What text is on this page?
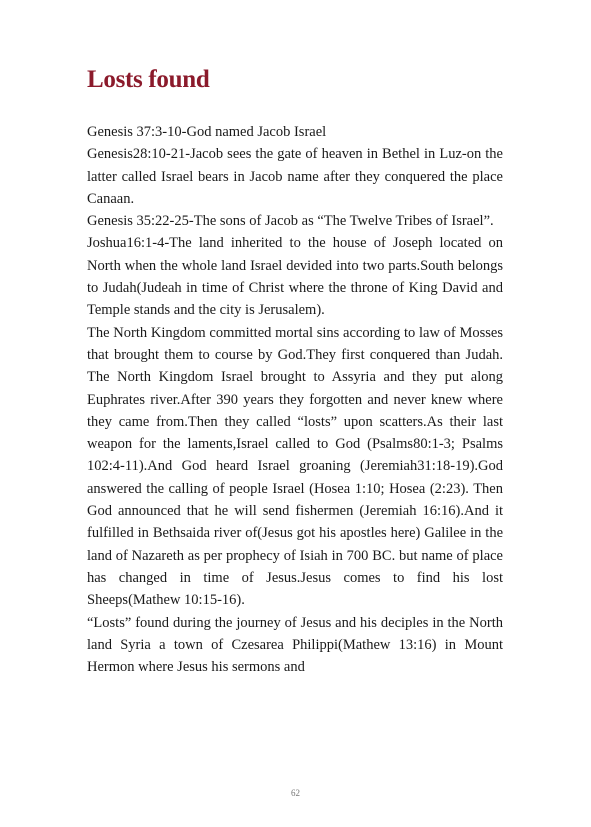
Losts found

Genesis 37:3-10-God named Jacob Israel

Genesis28:10-21-Jacob sees the gate of heaven in Bethel in Luz-on the latter called Israel bears in Jacob name after they conquered the place Canaan.

Genesis 35:22-25-The sons of Jacob as “The Twelve Tribes of Israel”.

Joshua16:1-4-The land inherited to the house of Joseph located on North when the whole land Israel devided into two parts.South belongs to Judah(Judeah in time of Christ where the throne of King David and Temple stands and the city is Jerusalem).

The North Kingdom committed mortal sins according to law of Mosses that brought them to course by God.They first conquered than Judah. The North Kingdom Israel brought to Assyria and they put along Euphrates river.After 390 years they forgotten and never knew where they came from.Then they called “losts” upon scatters.As their last weapon for the laments,Israel called to God (Psalms80:1-3; Psalms 102:4-11).And God heard Israel groaning (Jeremiah31:18-19).God answered the calling of people Israel (Hosea 1:10; Hosea (2:23). Then God announced that he will send fishermen (Jeremiah 16:16).And it fulfilled in Bethsaida river of(Jesus got his apostles here) Galilee in the land of Nazareth as per prophecy of Isiah in 700 BC. but name of place has changed in time of Jesus.Jesus comes to find his lost Sheeps(Mathew 10:15-16).

“Losts” found during the journey of Jesus and his deciples in the North land Syria a town of Czesarea Philippi(Mathew 13:16) in Mount Hermon where Jesus his sermons and

62
